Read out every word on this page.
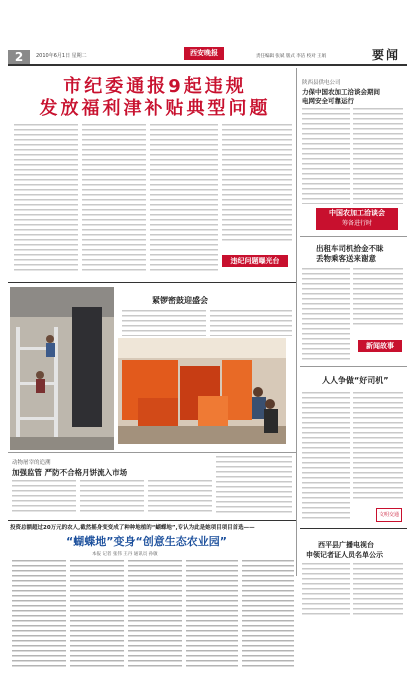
2	2010年6月1日 星期二	西安晚报	责任编辑 张斌 版式 李洁 校对 王娟	要闻
市纪委通报9起违规
发放福利津补贴典型问题
违纪问题曝光台
陕西县供电公司
力保中国农加工洽谈会期间
电网安全可靠运行
中国农加工洽谈会
筹备进行时
出租车司机拾金不昧
丢物乘客送来谢意
新闻故事
人人争做“好司机”
文明交通
西平县广播电视台
申领记者证人员名单公示
紧锣密鼓迎盛会
动物屠宰的追溯
加强监管 严防不合格月饼流入市场
投资总额超过20万元的农人,截然摇身变变成了种种地植的“蝴蝶地”,专认为此是她项目项目首选——
“蝴蝶地”变身“创意生态农业园”
本报 记者 张伟 王丹 通讯员 孙敏
